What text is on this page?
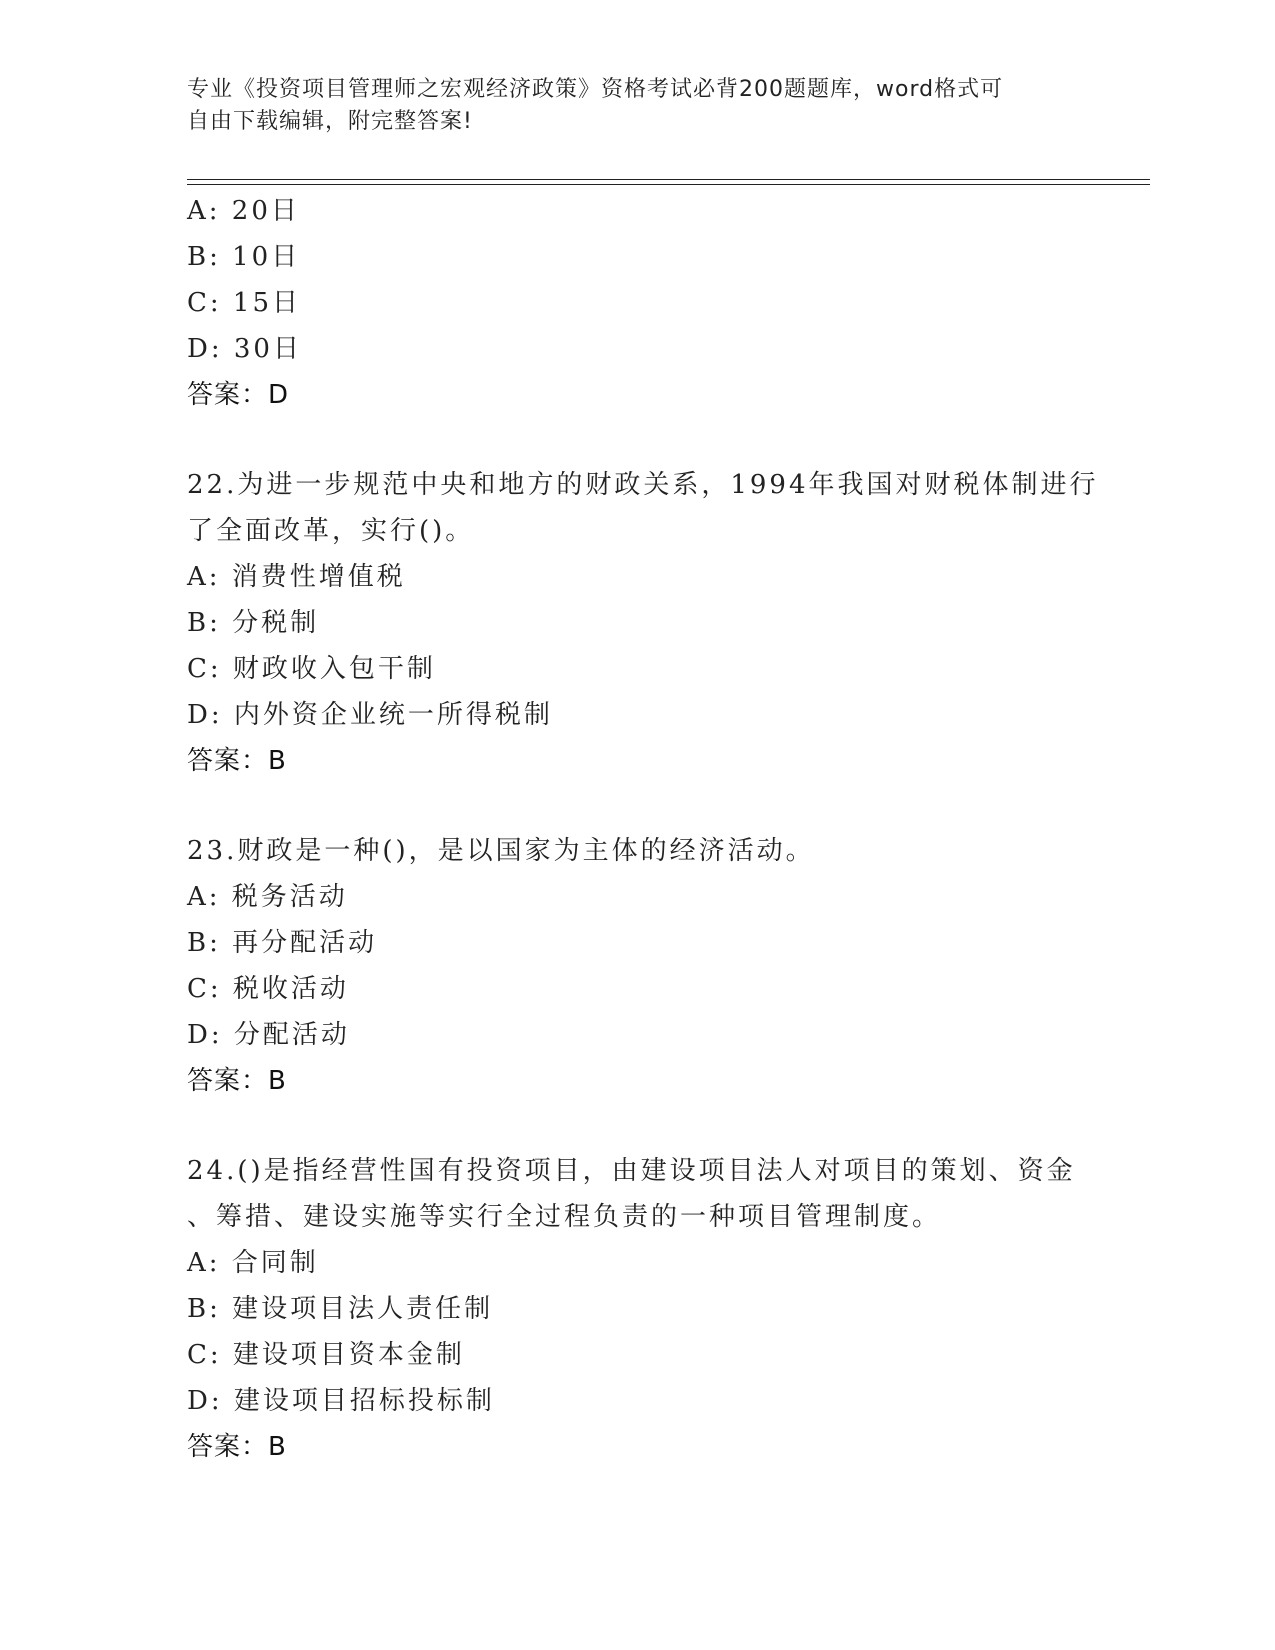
专业《投资项目管理师之宏观经济政策》资格考试必背200题题库，word格式可
自由下载编辑，附完整答案!
A: 20日
B: 10日
C: 15日
D: 30日
答案：D
22.为进一步规范中央和地方的财政关系，1994年我国对财税体制进行
了全面改革，实行()。
A: 消费性增值税
B: 分税制
C: 财政收入包干制
D: 内外资企业统一所得税制
答案：B
23.财政是一种()，是以国家为主体的经济活动。
A: 税务活动
B: 再分配活动
C: 税收活动
D: 分配活动
答案：B
24.()是指经营性国有投资项目，由建设项目法人对项目的策划、资金
、筹措、建设实施等实行全过程负责的一种项目管理制度。
A: 合同制
B: 建设项目法人责任制
C: 建设项目资本金制
D: 建设项目招标投标制
答案：B
